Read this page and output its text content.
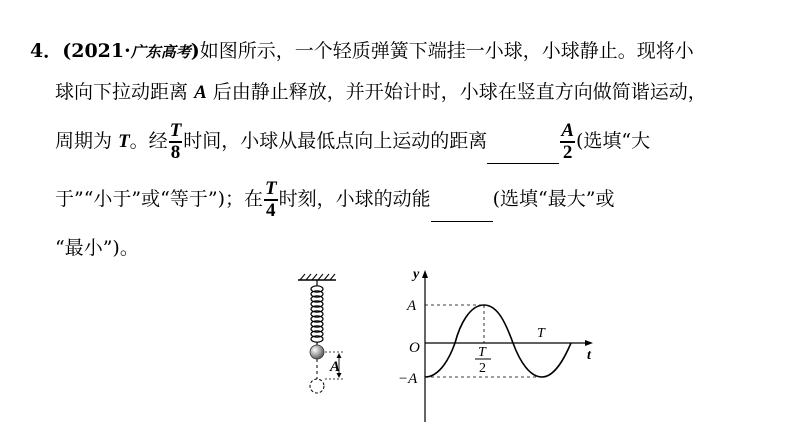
4．(2021·广东高考)如图所示，一个轻质弹簧下端挂一小球，小球静止。现将小
球向下拉动距离 A 后由静止释放，并开始计时，小球在竖直方向做简谐运动，
周期为 T。经 $\frac{T}{8}$ 时间，小球从最低点向上运动的距离	$\frac{A}{2}$ (选填“大
于”“小于”或“等于”)；在 $\frac{T}{4}$ 时刻，小球的动能	(选填“最大”或
“最小”)。
A
y
t
O
A
−A
T
2
T
